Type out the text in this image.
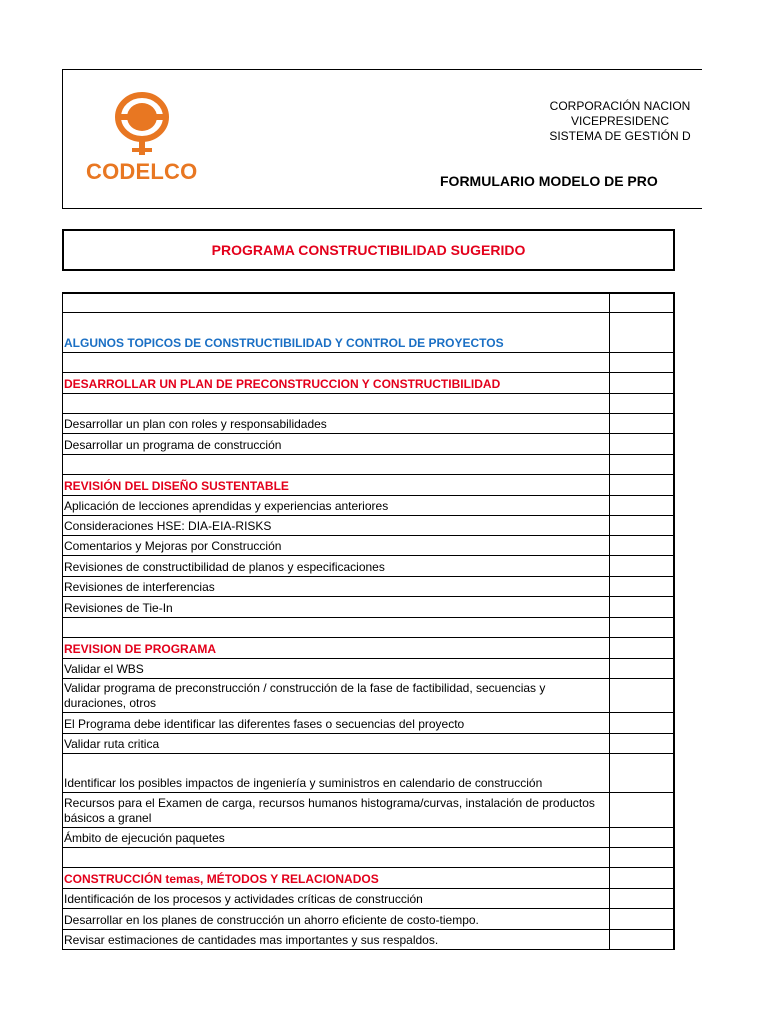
CODELCO
CORPORACIÓN NACION
VICEPRESIDENC
SISTEMA DE GESTIÓN D
FORMULARIO MODELO DE PRO
PROGRAMA CONSTRUCTIBILIDAD SUGERIDO
ALGUNOS TOPICOS DE CONSTRUCTIBILIDAD Y CONTROL DE PROYECTOS
DESARROLLAR UN PLAN DE PRECONSTRUCCION Y CONSTRUCTIBILIDAD
Desarrollar un plan con roles y responsabilidades
Desarrollar un programa de construcción
REVISIÓN DEL DISEÑO SUSTENTABLE
Aplicación de lecciones aprendidas y experiencias anteriores
Consideraciones HSE: DIA-EIA-RISKS
Comentarios y Mejoras por Construcción
Revisiones de constructibilidad de planos y especificaciones
Revisiones de interferencias
Revisiones de Tie-In
REVISION DE PROGRAMA
Validar el WBS
Validar programa de preconstrucción / construcción de la fase de factibilidad, secuencias y duraciones, otros
El Programa debe identificar las diferentes fases o secuencias del proyecto
Validar ruta critica
Identificar los posibles impactos de ingeniería y suministros en calendario de construcción
Recursos para el Examen de carga, recursos humanos histograma/curvas, instalación de productos básicos a granel
Ámbito de ejecución paquetes
CONSTRUCCIÓN temas, MÉTODOS Y RELACIONADOS
Identificación de los procesos y actividades críticas de construcción
Desarrollar en los planes de construcción un ahorro eficiente de costo-tiempo.
Revisar estimaciones de cantidades mas importantes y sus respaldos.
